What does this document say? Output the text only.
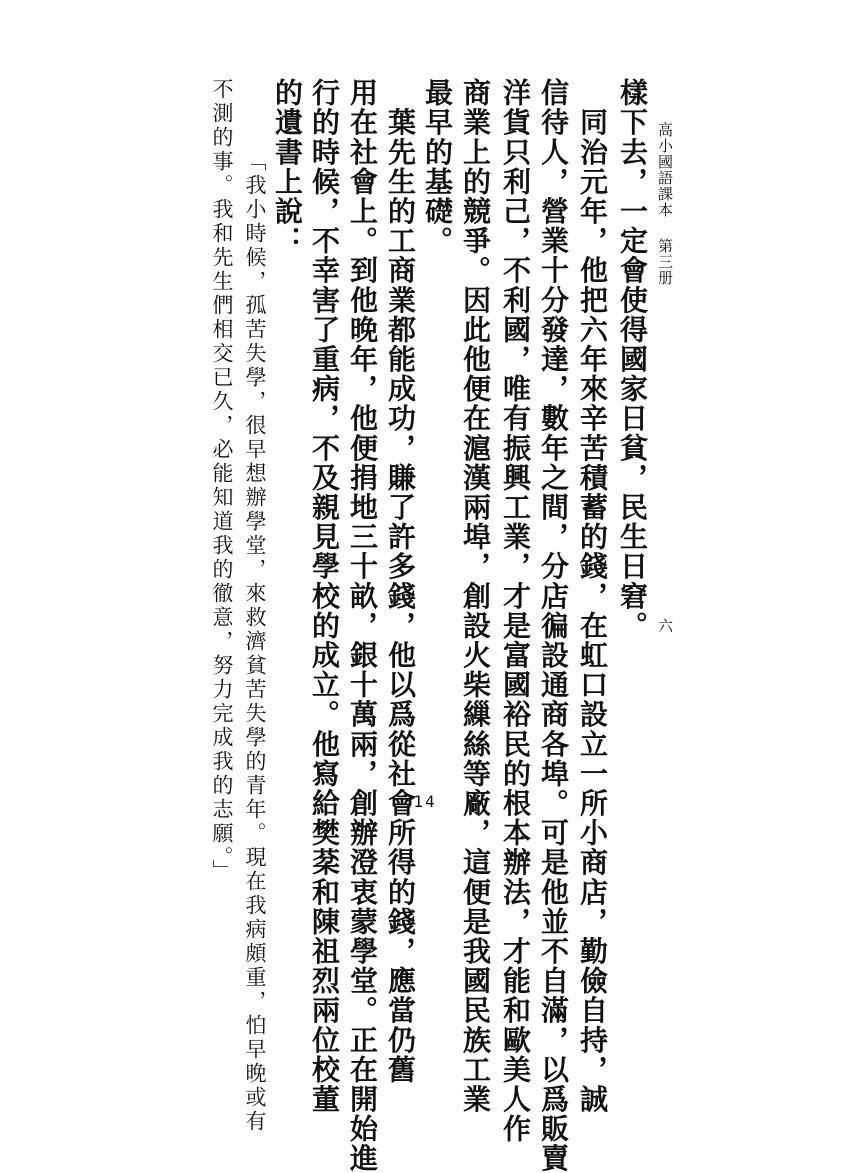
高小國語課本第三册
六
樣下去，一定會使得國家日貧，民生日窘。
　同治元年，他把六年來辛苦積蓄的錢，在虹口設立一所小商店，勤儉自持，誠
信待人，營業十分發達，數年之間，分店徧設通商各埠。可是他並不自滿，以爲販賣
洋貨只利己，不利國，唯有振興工業，才是富國裕民的根本辦法，才能和歐美人作
商業上的競爭。因此他便在滬漢兩埠，創設火柴繅絲等廠，這便是我國民族工業
最早的基礎。
　葉先生的工商業都能成功，賺了許多錢，他以爲從社會所得的錢，應當仍舊
用在社會上。到他晚年，他便捐地三十畝，銀十萬兩，創辦澄衷蒙學堂。正在開始進
行的時候，不幸害了重病，不及親見學校的成立。他寫給樊棻和陳祖烈兩位校董
的遺書上說：
「我小時候，孤苦失學，很早想辦學堂，來救濟貧苦失學的青年。現在我病頗重，怕早晚或有
不測的事。我和先生們相交已久，必能知道我的徹意，努力完成我的志願。」	14
